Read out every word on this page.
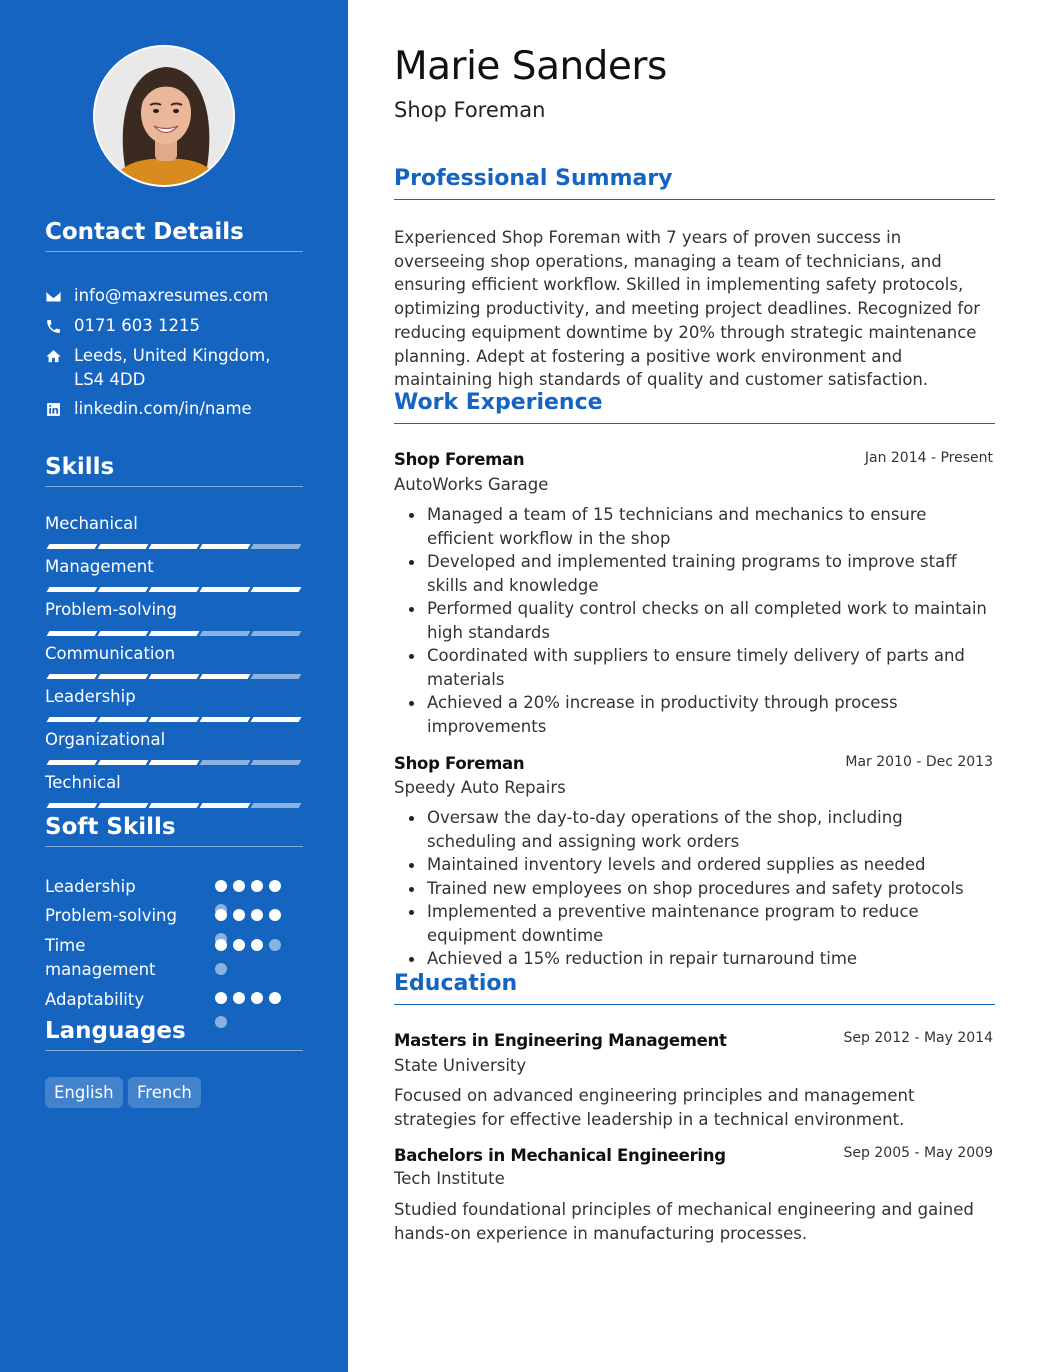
Contact Details
info@maxresumes.com
0171 603 1215
Leeds, United Kingdom, LS4 4DD
linkedin.com/in/name
Skills
Mechanical
Management
Problem-solving
Communication
Leadership
Organizational
Technical
Soft Skills
Leadership
Problem-solving
Time management
Adaptability
Languages
English	French
Marie Sanders
Shop Foreman
Professional Summary
Experienced Shop Foreman with 7 years of proven success in overseeing shop operations, managing a team of technicians, and ensuring efficient workflow. Skilled in implementing safety protocols, optimizing productivity, and meeting project deadlines. Recognized for reducing equipment downtime by 20% through strategic maintenance planning. Adept at fostering a positive work environment and maintaining high standards of quality and customer satisfaction.
Work Experience
Shop Foreman	Jan 2014 - Present
AutoWorks Garage
Managed a team of 15 technicians and mechanics to ensure efficient workflow in the shop
Developed and implemented training programs to improve staff skills and knowledge
Performed quality control checks on all completed work to maintain high standards
Coordinated with suppliers to ensure timely delivery of parts and materials
Achieved a 20% increase in productivity through process improvements
Shop Foreman	Mar 2010 - Dec 2013
Speedy Auto Repairs
Oversaw the day-to-day operations of the shop, including scheduling and assigning work orders
Maintained inventory levels and ordered supplies as needed
Trained new employees on shop procedures and safety protocols
Implemented a preventive maintenance program to reduce equipment downtime
Achieved a 15% reduction in repair turnaround time
Education
Masters in Engineering Management	Sep 2012 - May 2014
State University
Focused on advanced engineering principles and management strategies for effective leadership in a technical environment.
Bachelors in Mechanical Engineering	Sep 2005 - May 2009
Tech Institute
Studied foundational principles of mechanical engineering and gained hands-on experience in manufacturing processes.
